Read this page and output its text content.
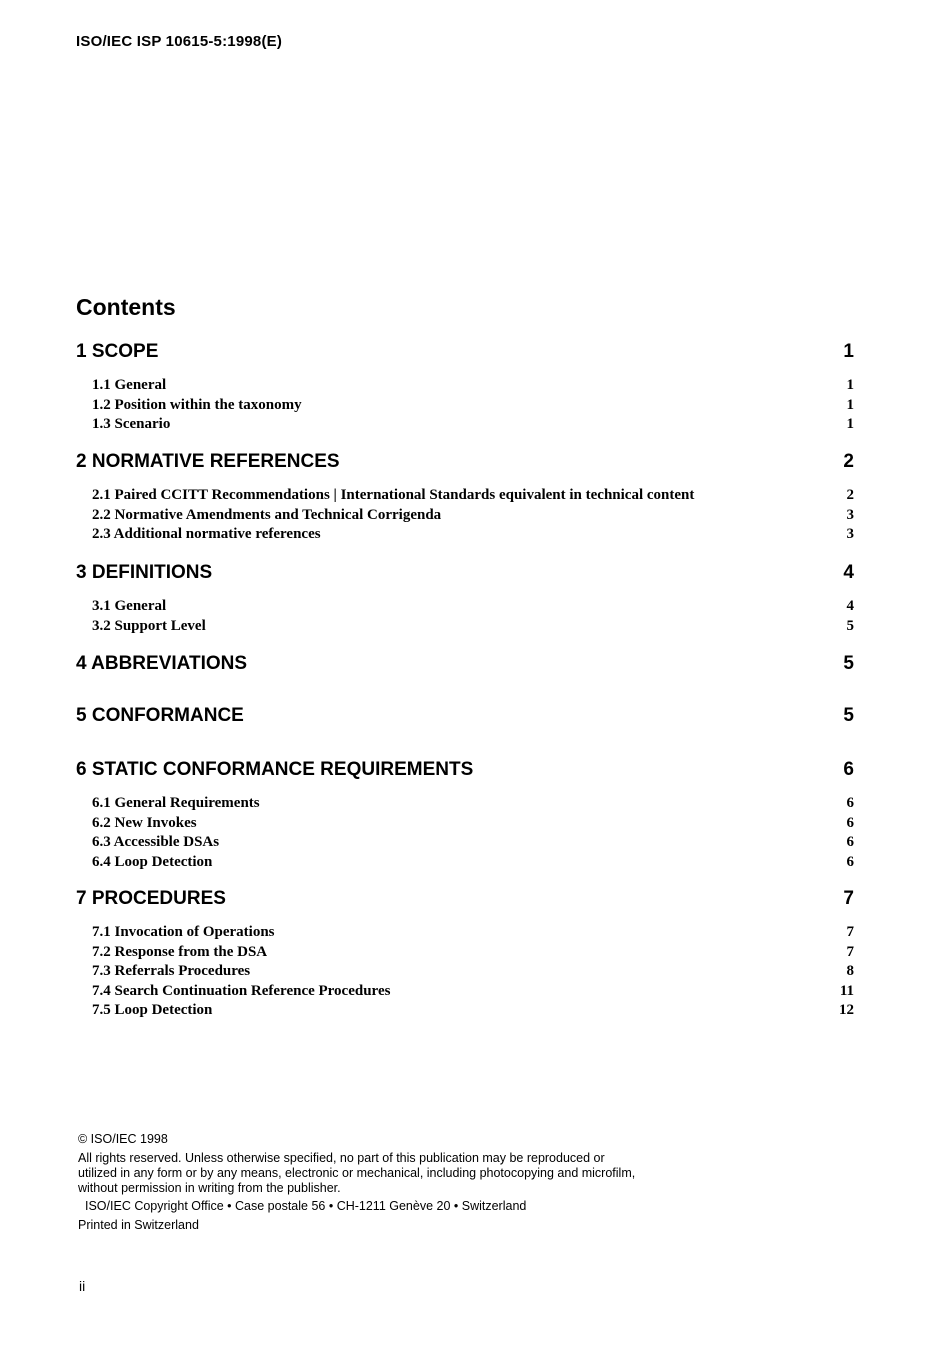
ISO/IEC ISP 10615-5:1998(E)
Contents
1 SCOPE	1
1.1 General	1
1.2 Position within the taxonomy	1
1.3 Scenario	1
2 NORMATIVE REFERENCES	2
2.1 Paired CCITT Recommendations | International Standards equivalent in technical content	2
2.2 Normative Amendments and Technical Corrigenda	3
2.3 Additional normative references	3
3 DEFINITIONS	4
3.1 General	4
3.2 Support Level	5
4 ABBREVIATIONS	5
5 CONFORMANCE	5
6 STATIC CONFORMANCE REQUIREMENTS	6
6.1 General Requirements	6
6.2 New Invokes	6
6.3 Accessible DSAs	6
6.4 Loop Detection	6
7 PROCEDURES	7
7.1 Invocation of Operations	7
7.2 Response from the DSA	7
7.3 Referrals Procedures	8
7.4 Search Continuation Reference Procedures	11
7.5 Loop Detection	12
© ISO/IEC 1998
All rights reserved. Unless otherwise specified, no part of this publication may be reproduced or utilized in any form or by any means, electronic or mechanical, including photocopying and microfilm, without permission in writing from the publisher.
ISO/IEC Copyright Office • Case postale 56 • CH-1211 Genève 20 • Switzerland
Printed in Switzerland
ii
